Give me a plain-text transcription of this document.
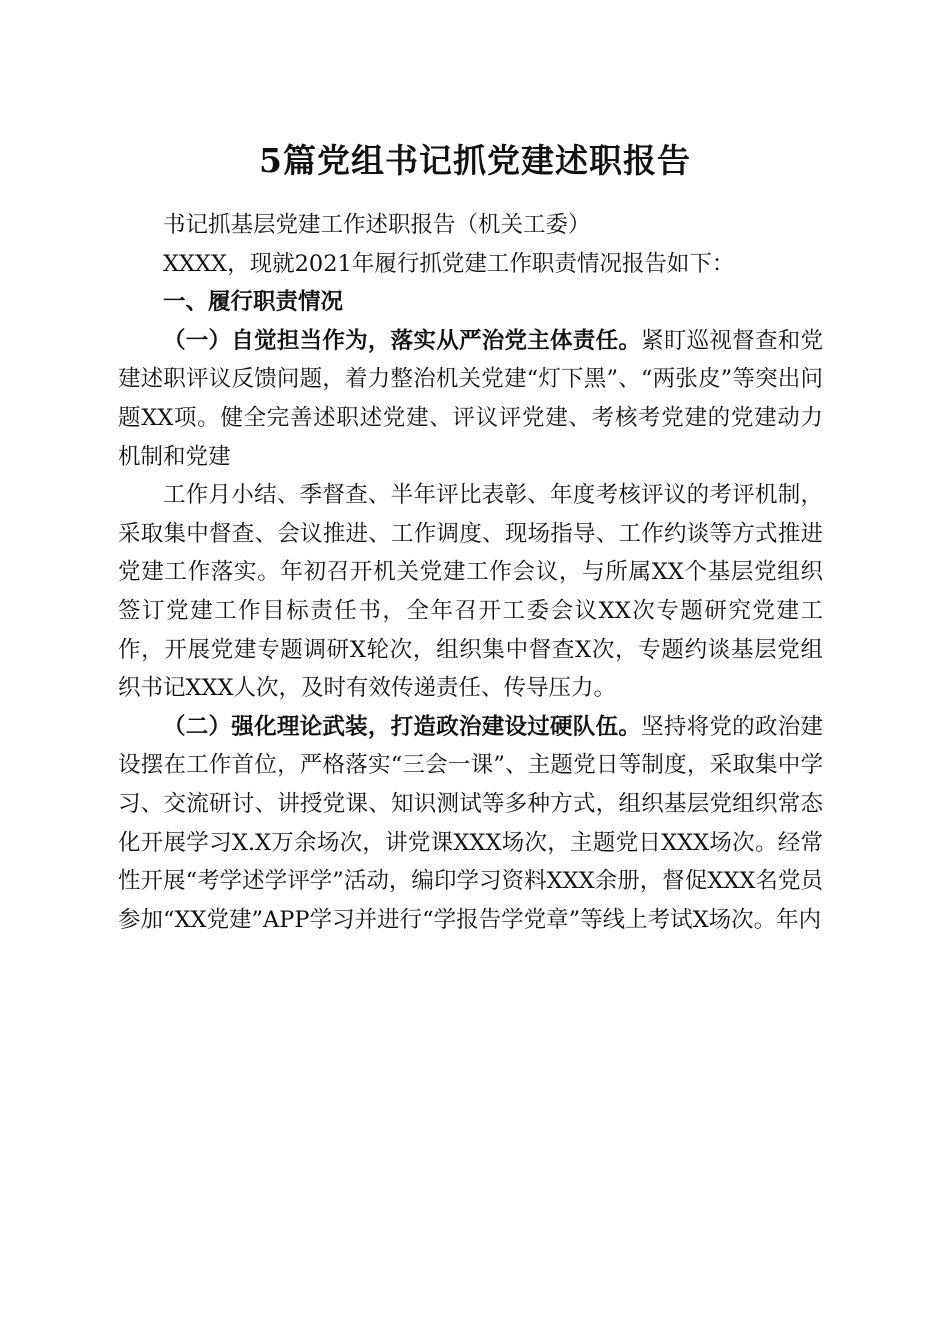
5篇党组书记抓党建述职报告

书记抓基层党建工作述职报告（机关工委）

XXXX，现就2021年履行抓党建工作职责情况报告如下：

一、履行职责情况

（一）自觉担当作为，落实从严治党主体责任。紧盯巡视督查和党建述职评议反馈问题，着力整治机关党建“灯下黑”、“两张皮”等突出问题XX项。健全完善述职述党建、评议评党建、考核考党建的党建动力机制和党建

工作月小结、季督查、半年评比表彰、年度考核评议的考评机制，采取集中督查、会议推进、工作调度、现场指导、工作约谈等方式推进党建工作落实。年初召开机关党建工作会议，与所属XX个基层党组织签订党建工作目标责任书，全年召开工委会议XX次专题研究党建工作，开展党建专题调研X轮次，组织集中督查X次，专题约谈基层党组织书记XXX人次，及时有效传递责任、传导压力。

（二）强化理论武装，打造政治建设过硬队伍。坚持将党的政治建设摆在工作首位，严格落实“三会一课”、主题党日等制度，采取集中学习、交流研讨、讲授党课、知识测试等多种方式，组织基层党组织常态化开展学习X.X万余场次，讲党课XXX场次，主题党日XXX场次。经常性开展“考学述学评学”活动，编印学习资料XXX余册，督促XXX名党员参加“XX党建”APP学习并进行“学报告学党章”等线上考试X场次。年内
